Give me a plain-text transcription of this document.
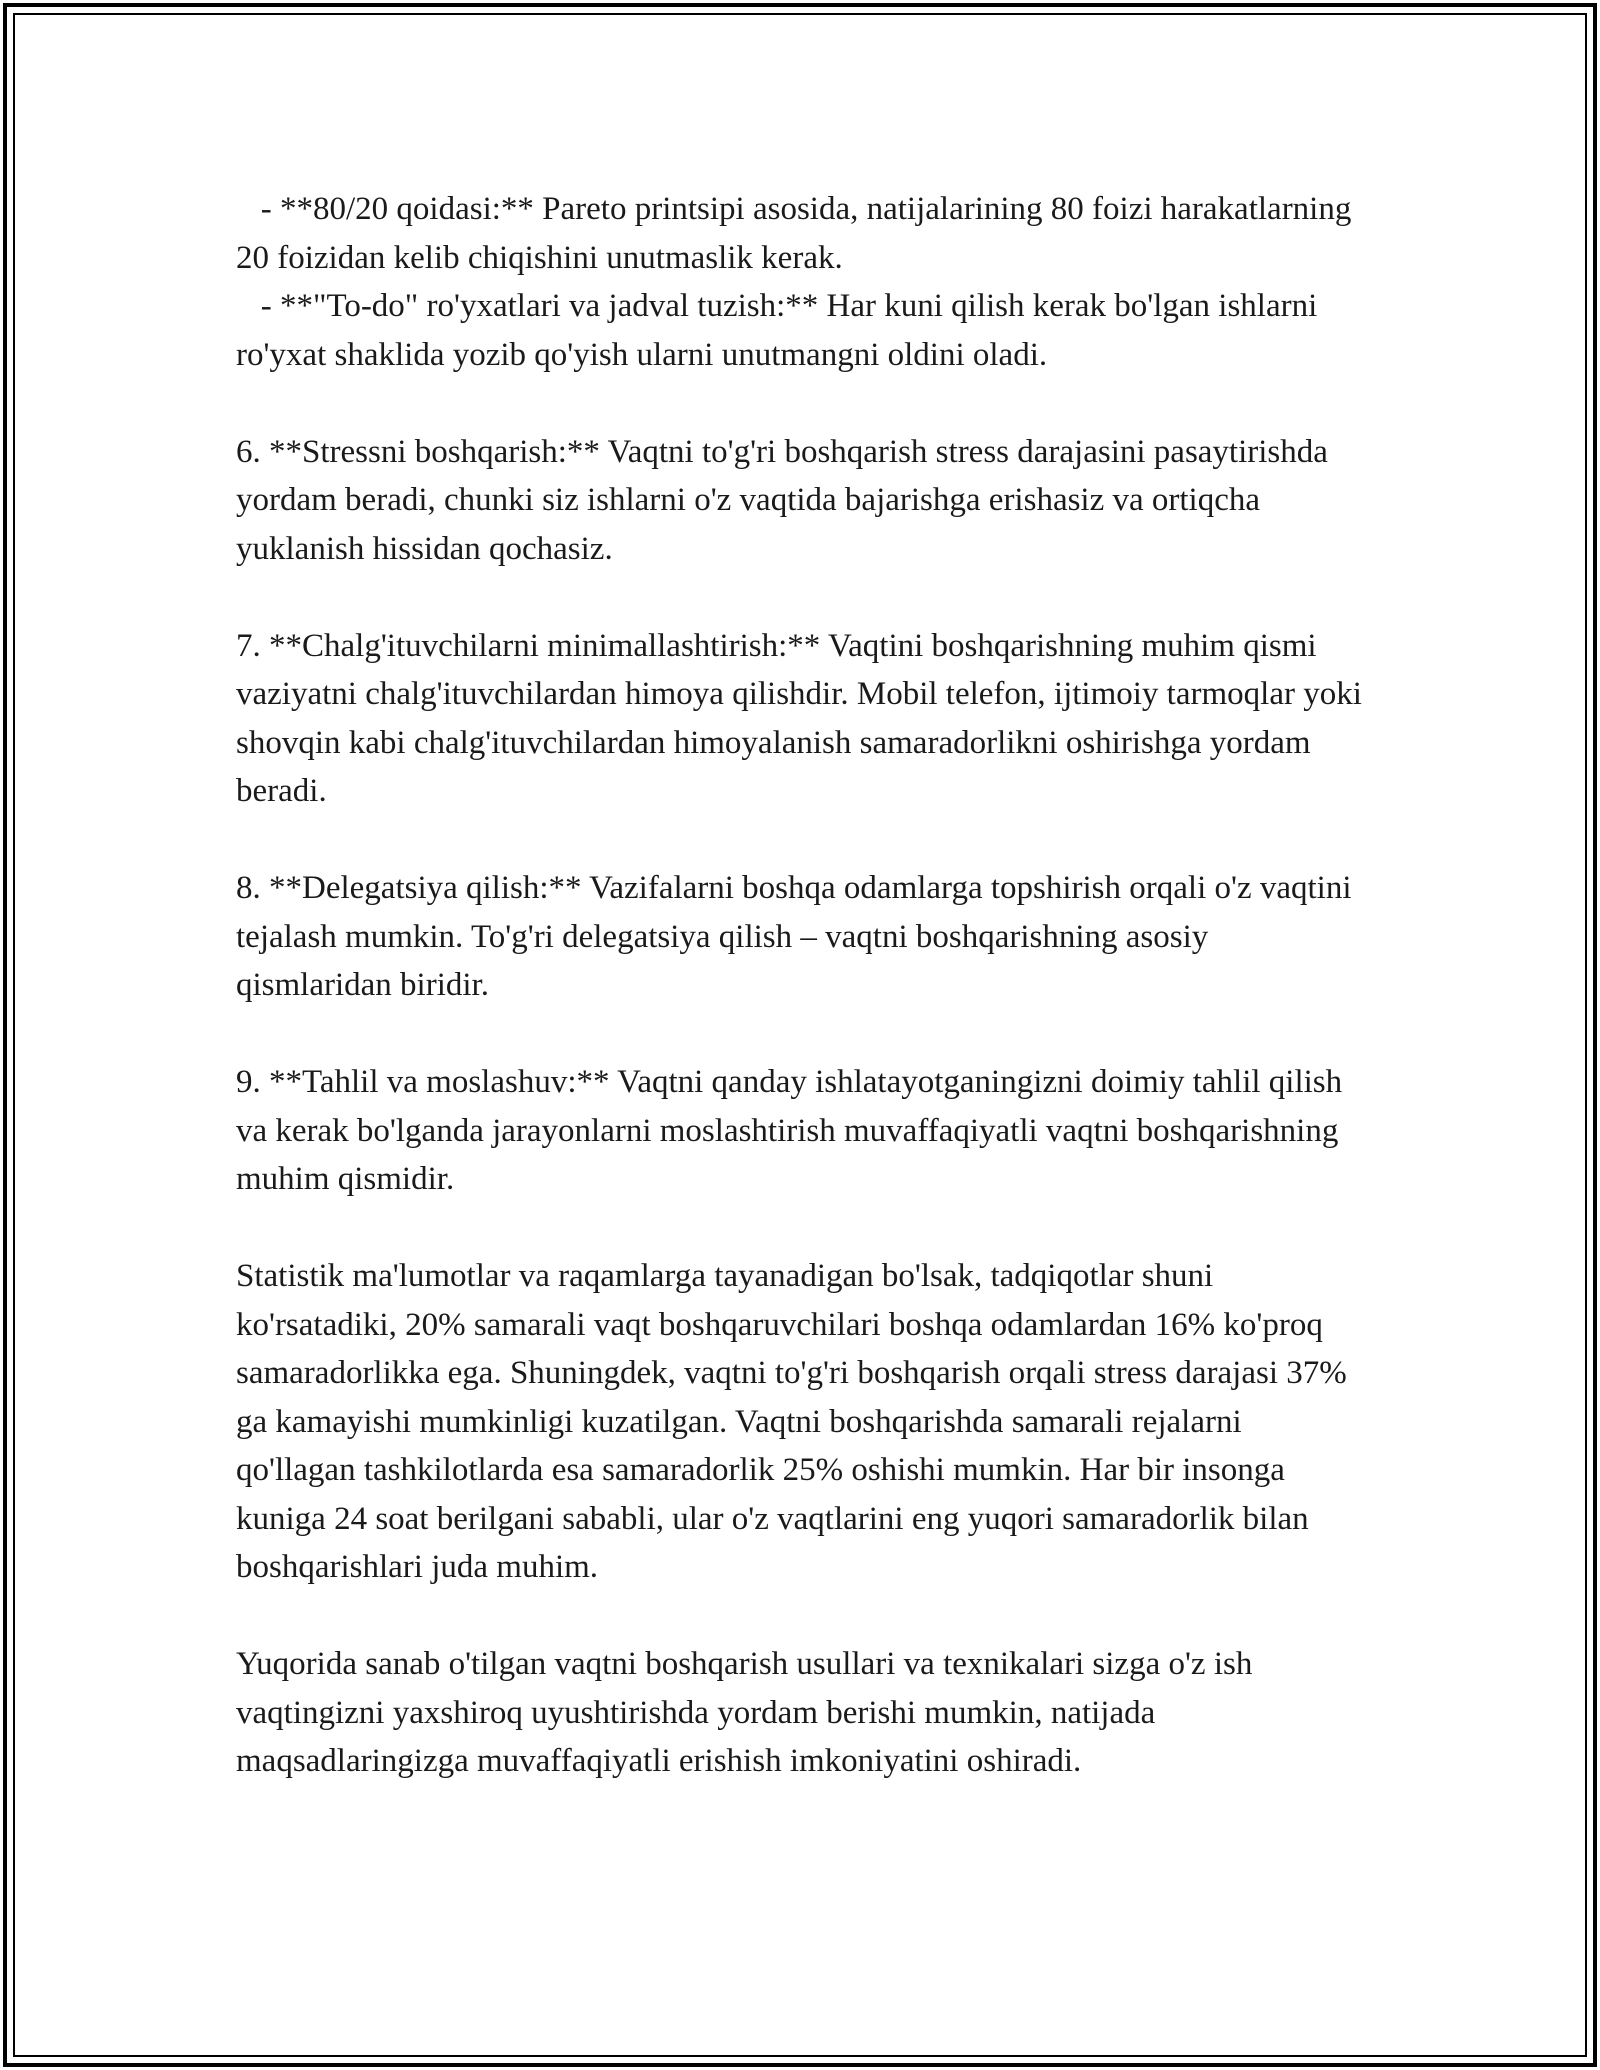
- **80/20 qoidasi:** Pareto printsipi asosida, natijalarining 80 foizi harakatlarning 20 foizidan kelib chiqishini unutmaslik kerak.

- **"To-do" ro'yxatlari va jadval tuzish:** Har kuni qilish kerak bo'lgan ishlarni ro'yxat shaklida yozib qo'yish ularni unutmangni oldini oladi.

6. **Stressni boshqarish:** Vaqtni to'g'ri boshqarish stress darajasini pasaytirishda yordam beradi, chunki siz ishlarni o'z vaqtida bajarishga erishasiz va ortiqcha yuklanish hissidan qochasiz.

7. **Chalg'ituvchilarni minimallashtirish:** Vaqtini boshqarishning muhim qismi vaziyatni chalg'ituvchilardan himoya qilishdir. Mobil telefon, ijtimoiy tarmoqlar yoki shovqin kabi chalg'ituvchilardan himoyalanish samaradorlikni oshirishga yordam beradi.

8. **Delegatsiya qilish:** Vazifalarni boshqa odamlarga topshirish orqali o'z vaqtini tejalash mumkin. To'g'ri delegatsiya qilish – vaqtni boshqarishning asosiy qismlaridan biridir.

9. **Tahlil va moslashuv:** Vaqtni qanday ishlatayotganingizni doimiy tahlil qilish va kerak bo'lganda jarayonlarni moslashtirish muvaffaqiyatli vaqtni boshqarishning muhim qismidir.

Statistik ma'lumotlar va raqamlarga tayanadigan bo'lsak, tadqiqotlar shuni ko'rsatadiki, 20% samarali vaqt boshqaruvchilari boshqa odamlardan 16% ko'proq samaradorlikka ega. Shuningdek, vaqtni to'g'ri boshqarish orqali stress darajasi 37% ga kamayishi mumkinligi kuzatilgan. Vaqtni boshqarishda samarali rejalarni qo'llagan tashkilotlarda esa samaradorlik 25% oshishi mumkin. Har bir insonga kuniga 24 soat berilgani sababli, ular o'z vaqtlarini eng yuqori samaradorlik bilan boshqarishlari juda muhim.

Yuqorida sanab o'tilgan vaqtni boshqarish usullari va texnikalari sizga o'z ish vaqtingizni yaxshiroq uyushtirishda yordam berishi mumkin, natijada maqsadlaringizga muvaffaqiyatli erishish imkoniyatini oshiradi.
